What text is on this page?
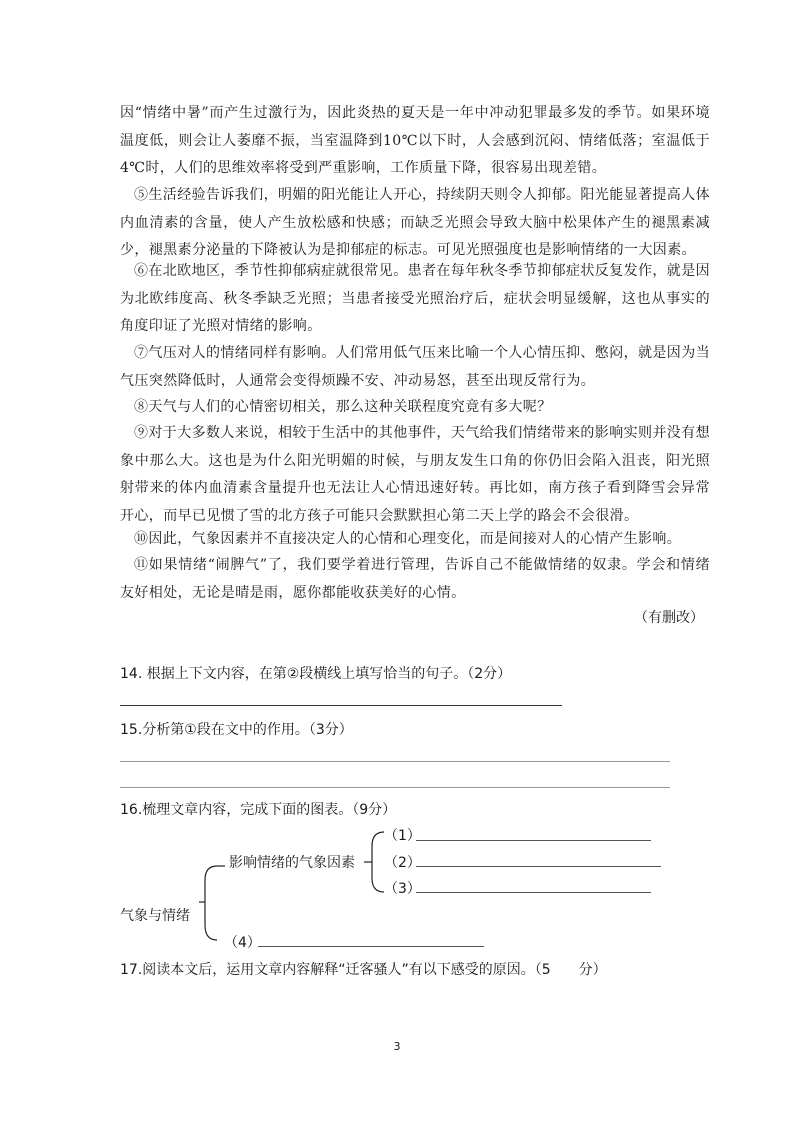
因“情绪中暑”而产生过激行为，因此炎热的夏天是一年中冲动犯罪最多发的季节。如果环境温度低，则会让人萎靡不振，当室温降到10℃以下时，人会感到沉闷、情绪低落；室温低于4℃时，人们的思维效率将受到严重影响，工作质量下降，很容易出现差错。

⑤生活经验告诉我们，明媚的阳光能让人开心，持续阴天则令人抑郁。阳光能显著提高人体内血清素的含量，使人产生放松感和快感；而缺乏光照会导致大脑中松果体产生的褪黑素减少，褪黑素分泌量的下降被认为是抑郁症的标志。可见光照强度也是影响情绪的一大因素。

⑥在北欧地区，季节性抑郁病症就很常见。患者在每年秋冬季节抑郁症状反复发作，就是因为北欧纬度高、秋冬季缺乏光照；当患者接受光照治疗后，症状会明显缓解，这也从事实的角度印证了光照对情绪的影响。

⑦气压对人的情绪同样有影响。人们常用低气压来比喻一个人心情压抑、憋闷，就是因为当气压突然降低时，人通常会变得烦躁不安、冲动易怒，甚至出现反常行为。

⑧天气与人们的心情密切相关，那么这种关联程度究竟有多大呢？

⑨对于大多数人来说，相较于生活中的其他事件，天气给我们情绪带来的影响实则并没有想象中那么大。这也是为什么阳光明媚的时候，与朋友发生口角的你仍旧会陷入沮丧，阳光照射带来的体内血清素含量提升也无法让人心情迅速好转。再比如，南方孩子看到降雪会异常开心，而早已见惯了雪的北方孩子可能只会默默担心第二天上学的路会不会很滑。

⑩因此，气象因素并不直接决定人的心情和心理变化，而是间接对人的心情产生影响。

⑪如果情绪“闹脾气”了，我们要学着进行管理，告诉自己不能做情绪的奴隶。学会和情绪友好相处，无论是晴是雨，愿你都能收获美好的心情。

（有删改）
14. 根据上下文内容，在第②段横线上填写恰当的句子。（2分）
15.分析第①段在文中的作用。（3分）
16.梳理文章内容，完成下面的图表。（9分）
影响情绪的气象因素
气象与情绪
（1）
（2）
（3）
（4）
17.阅读本文后，运用文章内容解释“迁客骚人”有以下感受的原因。（5　　分）
3
